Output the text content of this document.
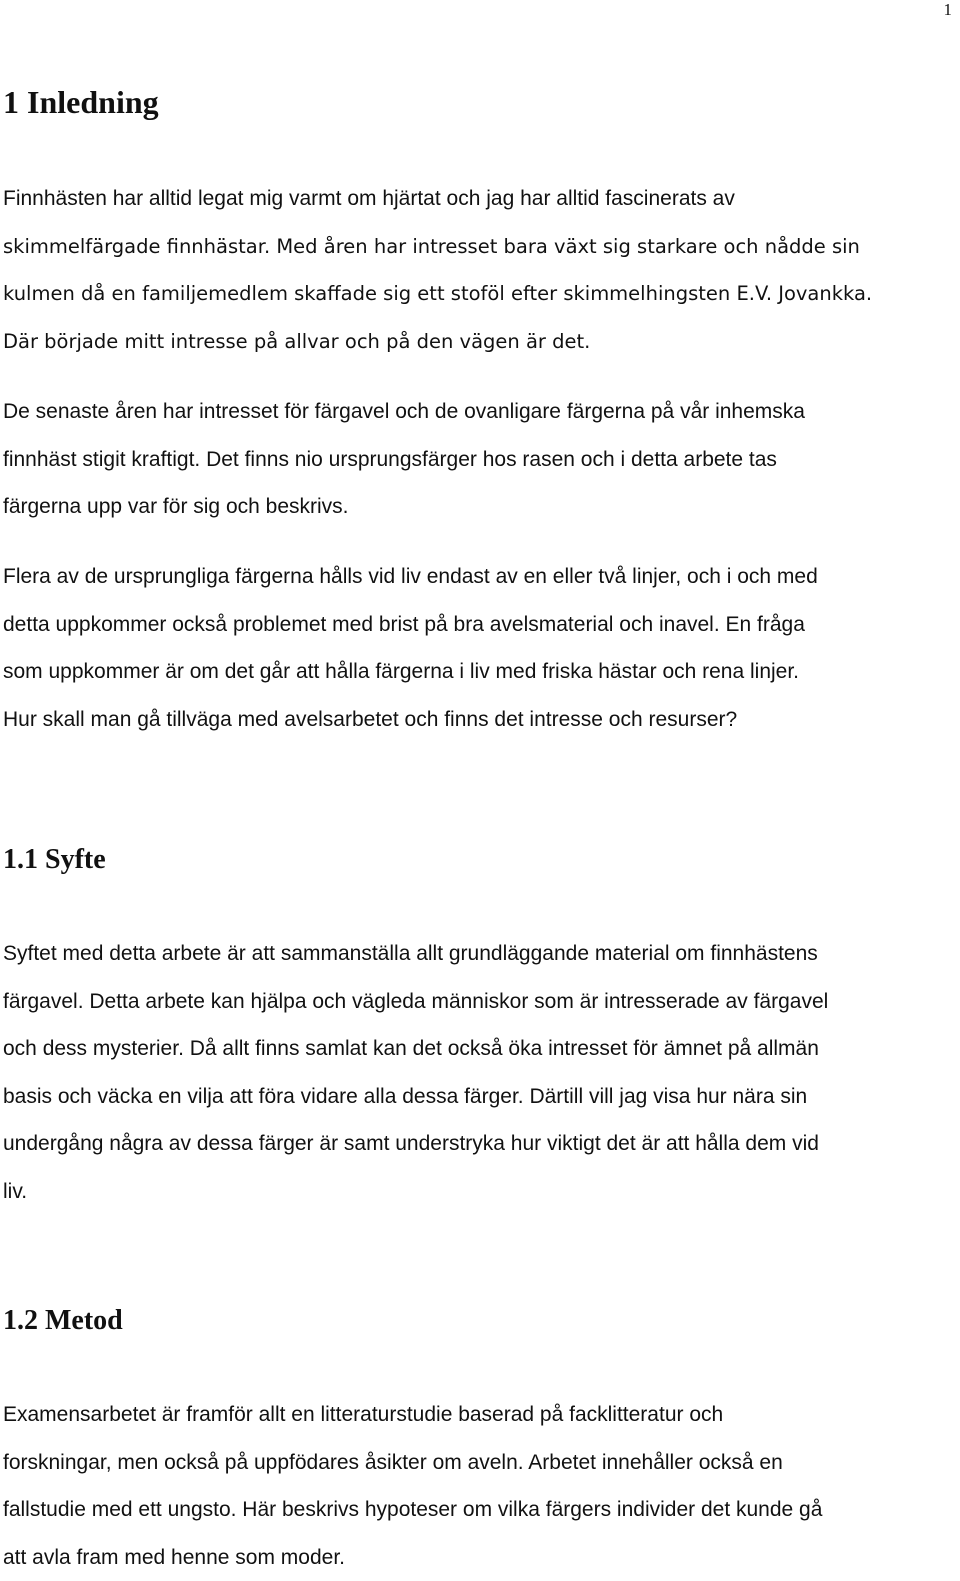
1
1 Inledning

Finnhästen har alltid legat mig varmt om hjärtat och jag har alltid fascinerats av
skimmelfärgade finnhästar. Med åren har intresset bara växt sig starkare och nådde sin
kulmen då en familjemedlem skaffade sig ett stoföl efter skimmelhingsten E.V. Jovankka.
Där började mitt intresse på allvar och på den vägen är det.

De senaste åren har intresset för färgavel och de ovanligare färgerna på vår inhemska
finnhäst stigit kraftigt. Det finns nio ursprungsfärger hos rasen och i detta arbete tas
färgerna upp var för sig och beskrivs.

Flera av de ursprungliga färgerna hålls vid liv endast av en eller två linjer, och i och med
detta uppkommer också problemet med brist på bra avelsmaterial och inavel. En fråga
som uppkommer är om det går att hålla färgerna i liv med friska hästar och rena linjer.
Hur skall man gå tillväga med avelsarbetet och finns det intresse och resurser?

1.1 Syfte

Syftet med detta arbete är att sammanställa allt grundläggande material om finnhästens
färgavel. Detta arbete kan hjälpa och vägleda människor som är intresserade av färgavel
och dess mysterier. Då allt finns samlat kan det också öka intresset för ämnet på allmän
basis och väcka en vilja att föra vidare alla dessa färger. Därtill vill jag visa hur nära sin
undergång några av dessa färger är samt understryka hur viktigt det är att hålla dem vid
liv.

1.2 Metod

Examensarbetet är framför allt en litteraturstudie baserad på facklitteratur och
forskningar, men också på uppfödares åsikter om aveln. Arbetet innehåller också en
fallstudie med ett ungsto. Här beskrivs hypoteser om vilka färgers individer det kunde gå
att avla fram med henne som moder.
